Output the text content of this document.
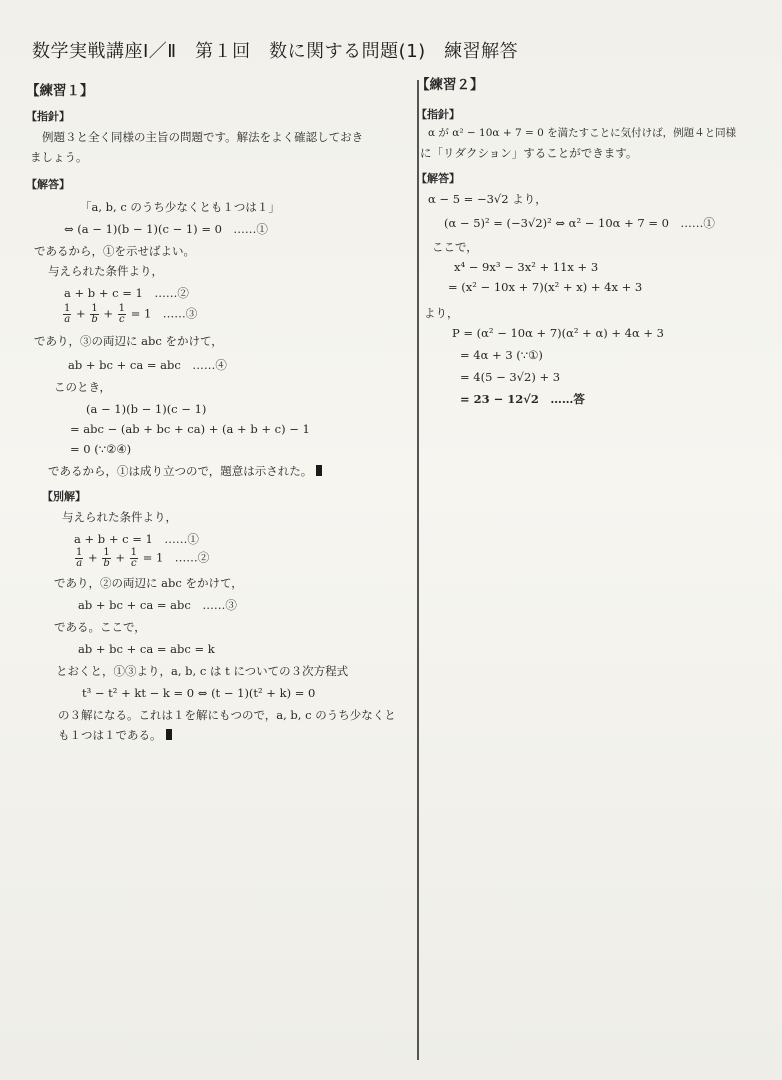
数学実戦講座Ⅰ／Ⅱ　第１回　数に関する問題(1)　練習解答
【練習１】
【指針】
例題３と全く同様の主旨の問題です。解法をよく確認しておき
ましょう。
【解答】
「a, b, c のうち少なくとも１つは１」
⇔ (a − 1)(b − 1)(c − 1) = 0　……①
であるから，①を示せばよい。
与えられた条件より，
a + b + c = 1　……②
$\frac{1}{a} + \frac{1}{b} + \frac{1}{c} = 1$　……③
であり，③の両辺に abc をかけて，
ab + bc + ca = abc　……④
このとき，
(a − 1)(b − 1)(c − 1)
= abc − (ab + bc + ca) + (a + b + c) − 1
= 0 (∵②④)
であるから，①は成り立つので，題意は示された。
【別解】
与えられた条件より，
a + b + c = 1　……①
$\frac{1}{a} + \frac{1}{b} + \frac{1}{c} = 1$　……②
であり，②の両辺に abc をかけて，
ab + bc + ca = abc　……③
である。ここで，
ab + bc + ca = abc = k
とおくと，①③より，a, b, c は t についての３次方程式
t³ − t² + kt − k = 0 ⇔ (t − 1)(t² + k) = 0
の３解になる。これは１を解にもつので，a, b, c のうち少なくと
も１つは１である。
【練習２】
【指針】
α が α² − 10α + 7 = 0 を満たすことに気付けば，例題４と同様
に「リダクション」することができます。
【解答】
α − 5 = −3√2 より，
(α − 5)² = (−3√2)² ⇔ α² − 10α + 7 = 0　……①
ここで，
x⁴ − 9x³ − 3x² + 11x + 3
= (x² − 10x + 7)(x² + x) + 4x + 3
より，
P = (α² − 10α + 7)(α² + α) + 4α + 3
= 4α + 3 (∵①)
= 4(5 − 3√2) + 3
= 23 − 12√2　……答
